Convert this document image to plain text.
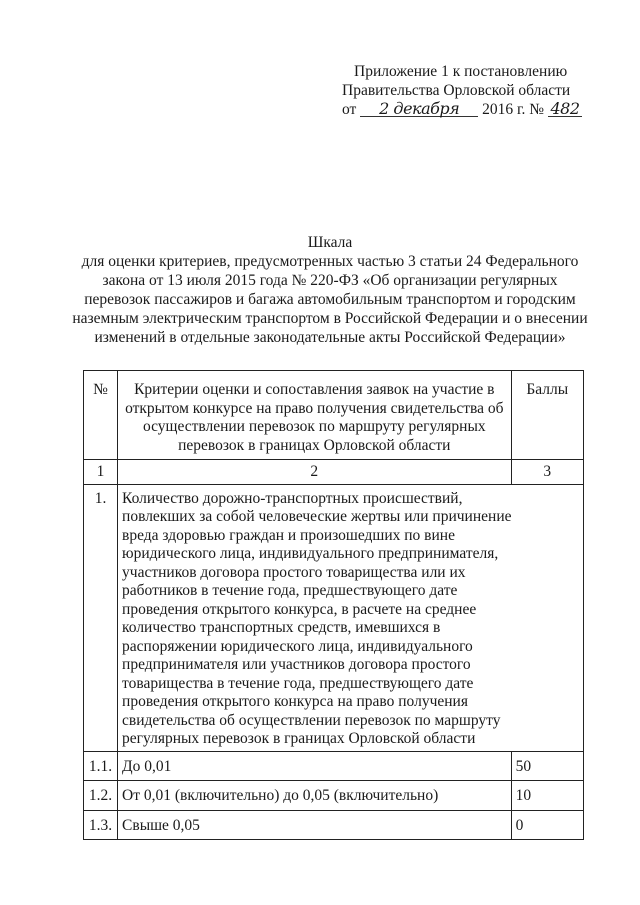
Приложение 1 к постановлению
Правительства Орловской области
от 2 декабря 2016 г. № 482
Шкала
для оценки критериев, предусмотренных частью 3 статьи 24 Федерального закона от 13 июля 2015 года № 220-ФЗ «Об организации регулярных перевозок пассажиров и багажа автомобильным транспортом и городским наземным электрическим транспортом в Российской Федерации и о внесении изменений в отдельные законодательные акты Российской Федерации»
№	Критерии оценки и сопоставления заявок на участие в открытом конкурсе на право получения свидетельства об осуществлении перевозок по маршруту регулярных перевозок в границах Орловской области	Баллы
1	2	3
1.	Количество дорожно-транспортных происшествий, повлекших за собой человеческие жертвы или причинение вреда здоровью граждан и произошедших по вине юридического лица, индивидуального предпринимателя, участников договора простого товарищества или их работников в течение года, предшествующего дате проведения открытого конкурса, в расчете на среднее количество транспортных средств, имевшихся в распоряжении юридического лица, индивидуального предпринимателя или участников договора простого товарищества в течение года, предшествующего дате проведения открытого конкурса на право получения свидетельства об осуществлении перевозок по маршруту регулярных перевозок в границах Орловской области	

1.1.	До 0,01	50
1.2.	От 0,01 (включительно) до 0,05 (включительно)	10
1.3.	Свыше 0,05	0
